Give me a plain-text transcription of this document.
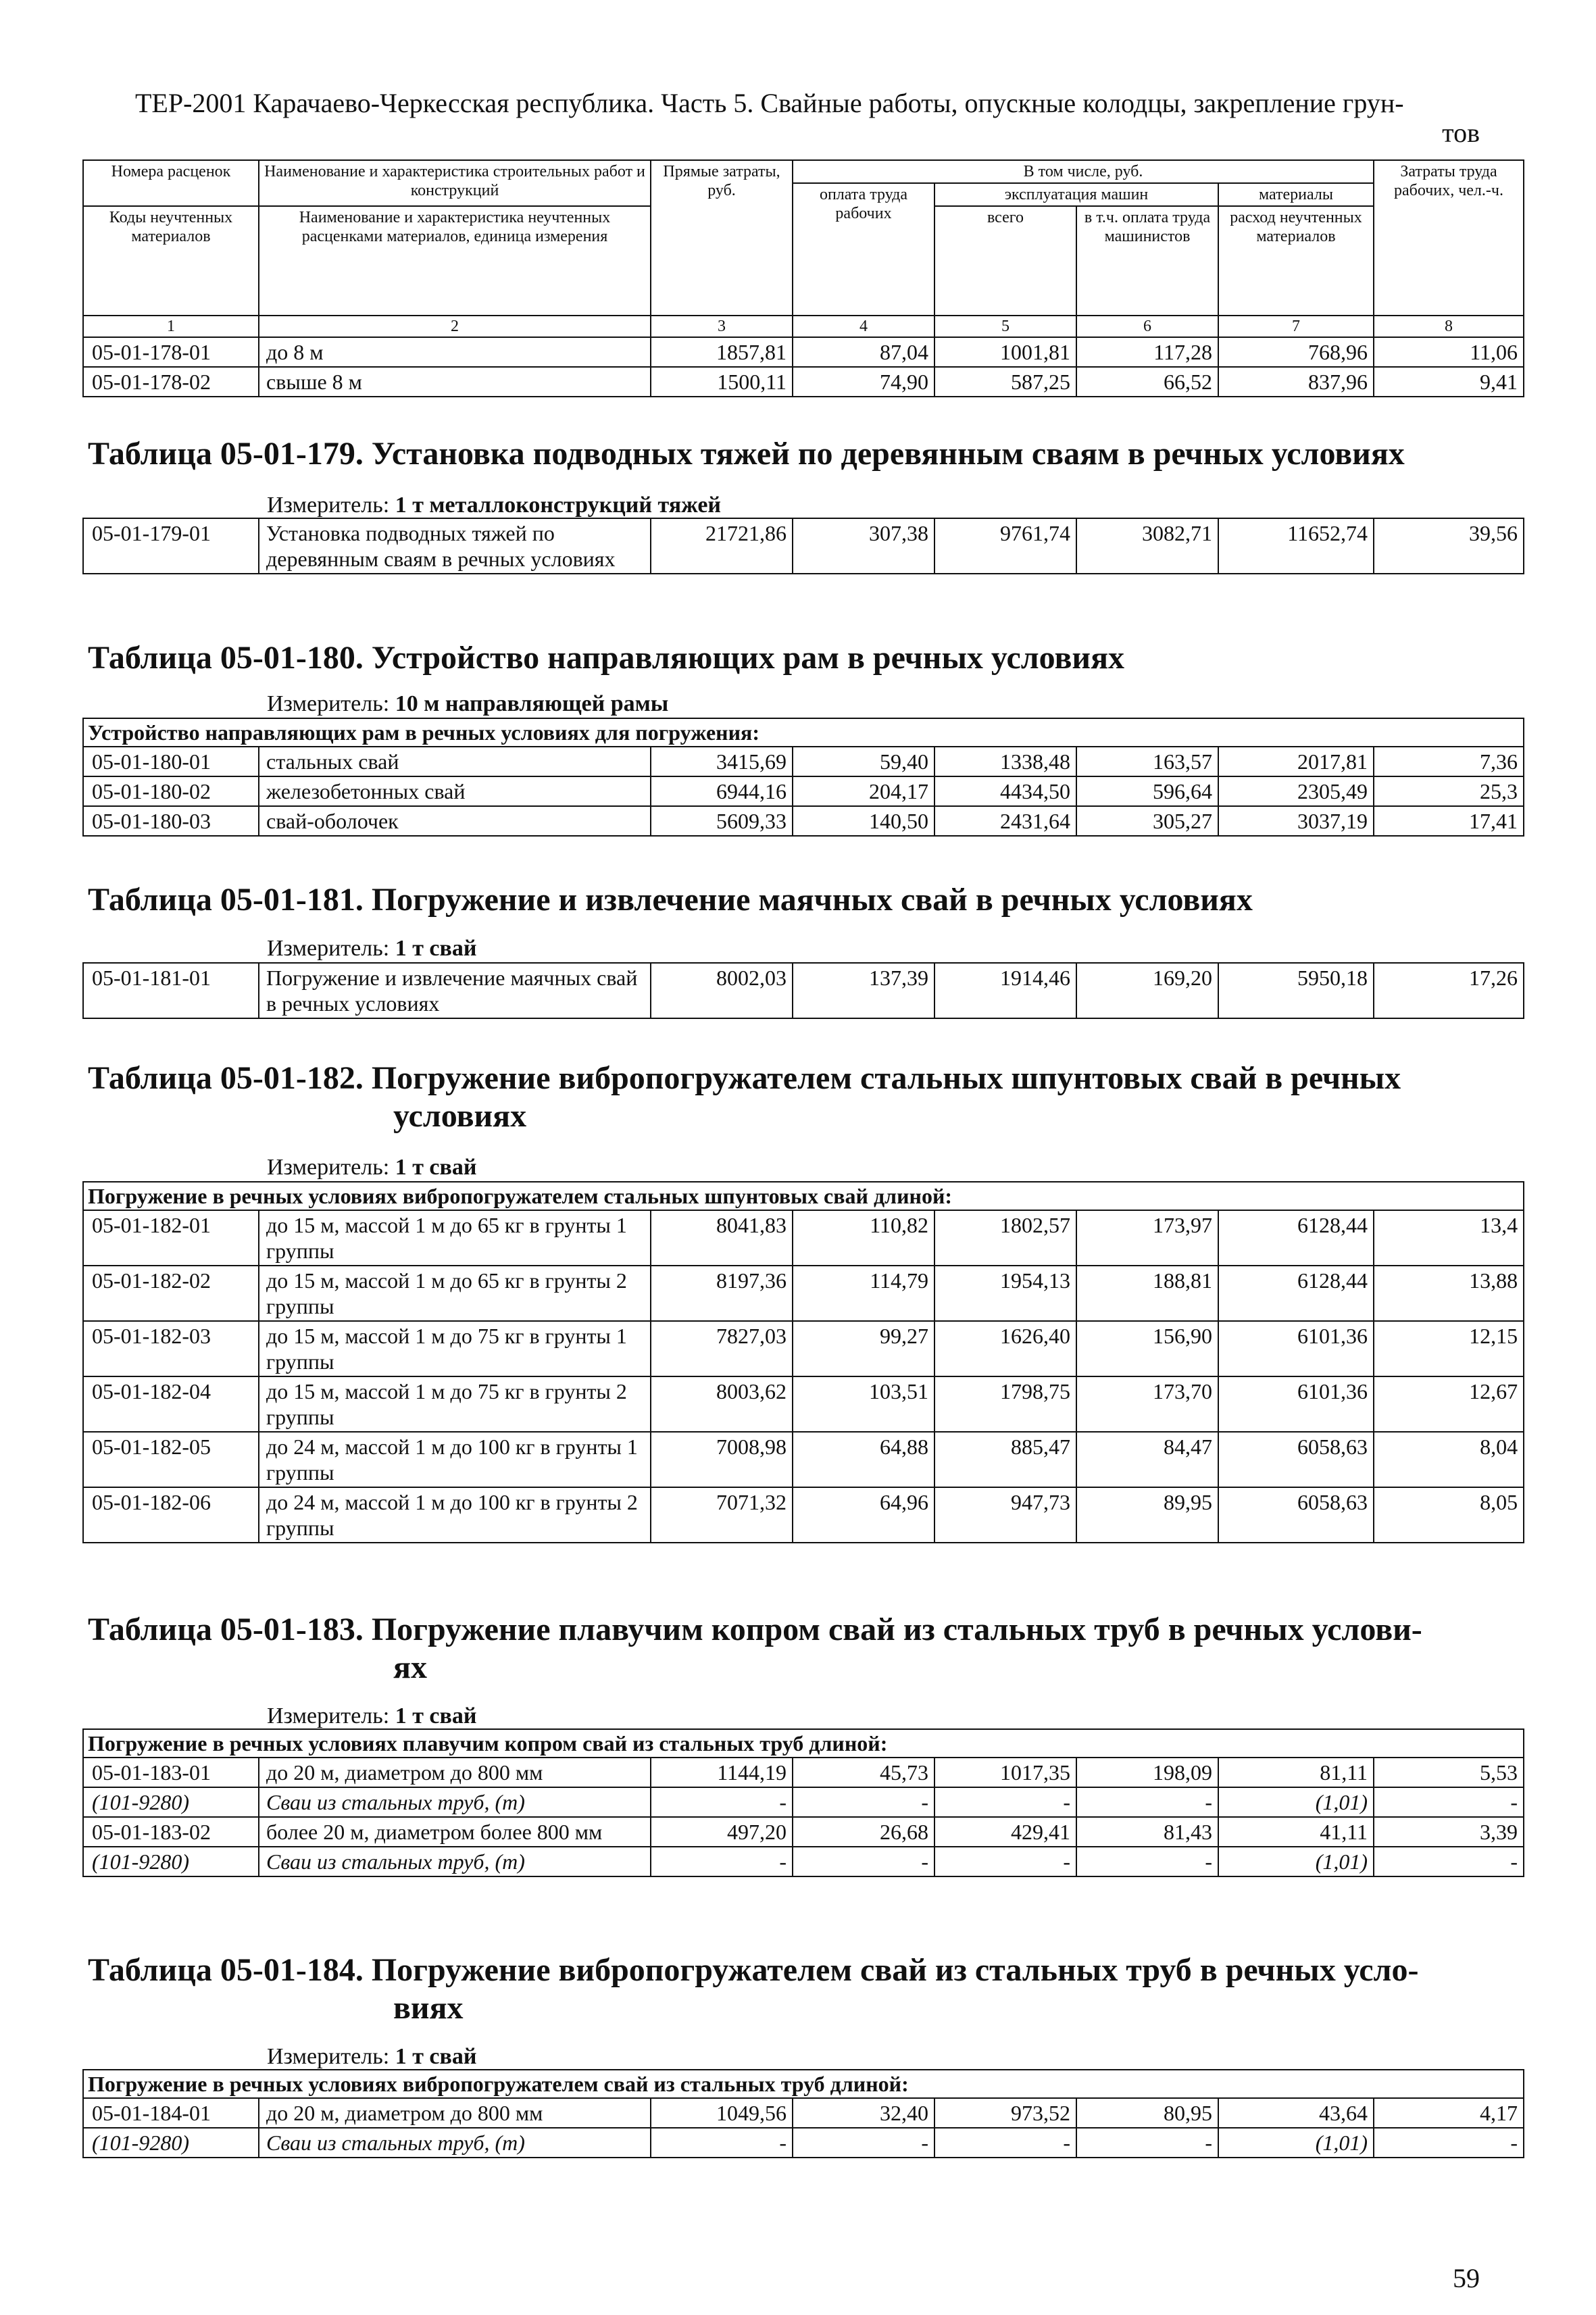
ТЕР-2001 Карачаево-Черкесская республика. Часть 5. Свайные работы, опускные колодцы, закрепление грун-
тов
Номера расценок	Наименование и характеристика строительных работ и конструкций	Прямые затраты, руб.	В том числе, руб.				Затраты труда рабочих, чел.-ч.
			оплата труда рабочих	эксплуатация машин		материалы	
Коды неучтенных материалов	Наименование и характеристика неучтенных расценками материалов, единица измерения			всего	в т.ч. оплата труда машинистов	расход неучтенных материалов	

1	2	3	4	5	6	7	8
05-01-178-01	до 8 м	1857,81	87,04	1001,81	117,28	768,96	11,06
05-01-178-02	свыше 8 м	1500,11	74,90	587,25	66,52	837,96	9,41
Таблица 05-01-179. Установка подводных тяжей по деревянным сваям в речных условиях
Измеритель: 1 т металлоконструкций тяжей
05-01-179-01	Установка подводных тяжей по деревянным сваям в речных условиях	21721,86	307,38	9761,74	3082,71	11652,74	39,56
Таблица 05-01-180. Устройство направляющих рам в речных условиях
Измеритель: 10 м направляющей рамы
Устройство направляющих рам в речных условиях для погружения:							
05-01-180-01	стальных свай	3415,69	59,40	1338,48	163,57	2017,81	7,36
05-01-180-02	железобетонных свай	6944,16	204,17	4434,50	596,64	2305,49	25,3
05-01-180-03	свай-оболочек	5609,33	140,50	2431,64	305,27	3037,19	17,41
Таблица 05-01-181. Погружение и извлечение маячных свай в речных условиях
Измеритель: 1 т свай
05-01-181-01	Погружение и извлечение маячных свай в речных условиях	8002,03	137,39	1914,46	169,20	5950,18	17,26
Таблица 05-01-182. Погружение вибропогружателем стальных шпунтовых свай в речных
условиях
Измеритель: 1 т свай
Погружение в речных условиях вибропогружателем стальных шпунтовых свай длиной:							
05-01-182-01	до 15 м, массой 1 м до 65 кг в грунты 1 группы	8041,83	110,82	1802,57	173,97	6128,44	13,4
05-01-182-02	до 15 м, массой 1 м до 65 кг в грунты 2 группы	8197,36	114,79	1954,13	188,81	6128,44	13,88
05-01-182-03	до 15 м, массой 1 м до 75 кг в грунты 1 группы	7827,03	99,27	1626,40	156,90	6101,36	12,15
05-01-182-04	до 15 м, массой 1 м до 75 кг в грунты 2 группы	8003,62	103,51	1798,75	173,70	6101,36	12,67
05-01-182-05	до 24 м, массой 1 м до 100 кг в грунты 1 группы	7008,98	64,88	885,47	84,47	6058,63	8,04
05-01-182-06	до 24 м, массой 1 м до 100 кг в грунты 2 группы	7071,32	64,96	947,73	89,95	6058,63	8,05
Таблица 05-01-183. Погружение плавучим копром свай из стальных труб в речных услови-
ях
Измеритель: 1 т свай
Погружение в речных условиях плавучим копром свай из стальных труб длиной:							
05-01-183-01	до 20 м, диаметром до 800 мм	1144,19	45,73	1017,35	198,09	81,11	5,53
(101-9280)	Сваи из стальных труб, (т)	-	-	-	-	(1,01)	-
05-01-183-02	более 20 м, диаметром более 800 мм	497,20	26,68	429,41	81,43	41,11	3,39
(101-9280)	Сваи из стальных труб, (т)	-	-	-	-	(1,01)	-
Таблица 05-01-184. Погружение вибропогружателем свай из стальных труб в речных усло-
виях
Измеритель: 1 т свай
Погружение в речных условиях вибропогружателем свай из стальных труб длиной:							
05-01-184-01	до 20 м, диаметром до 800 мм	1049,56	32,40	973,52	80,95	43,64	4,17
(101-9280)	Сваи из стальных труб, (т)	-	-	-	-	(1,01)	-
59
